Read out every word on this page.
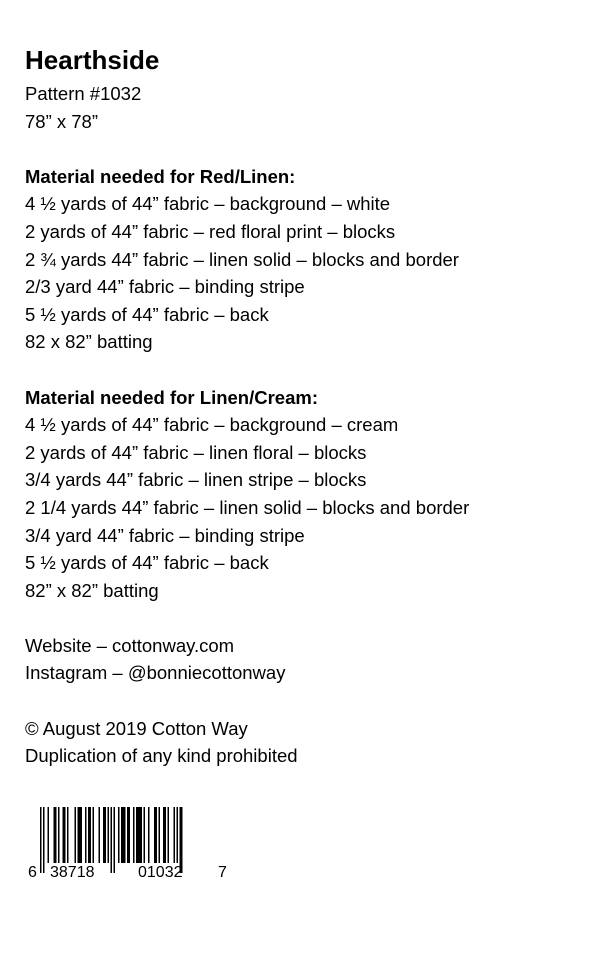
Hearthside
Pattern #1032
78” x 78”
Material needed for Red/Linen:
4 ½ yards of 44” fabric – background – white
2 yards of 44” fabric – red floral print – blocks
2 ¾ yards 44” fabric – linen solid – blocks and border
2/3 yard 44” fabric – binding stripe
5 ½ yards of 44” fabric – back
82 x 82” batting
Material needed for Linen/Cream:
4 ½ yards of 44” fabric – background – cream
2 yards of 44” fabric – linen floral – blocks
3/4 yards 44” fabric – linen stripe – blocks
2 1/4 yards 44” fabric – linen solid – blocks and border
3/4 yard 44” fabric – binding stripe
5 ½ yards of 44” fabric – back
82” x 82” batting
Website – cottonway.com
Instagram – @bonniecottonway
© August 2019 Cotton Way
Duplication of any kind prohibited
6 38718	01032 7
